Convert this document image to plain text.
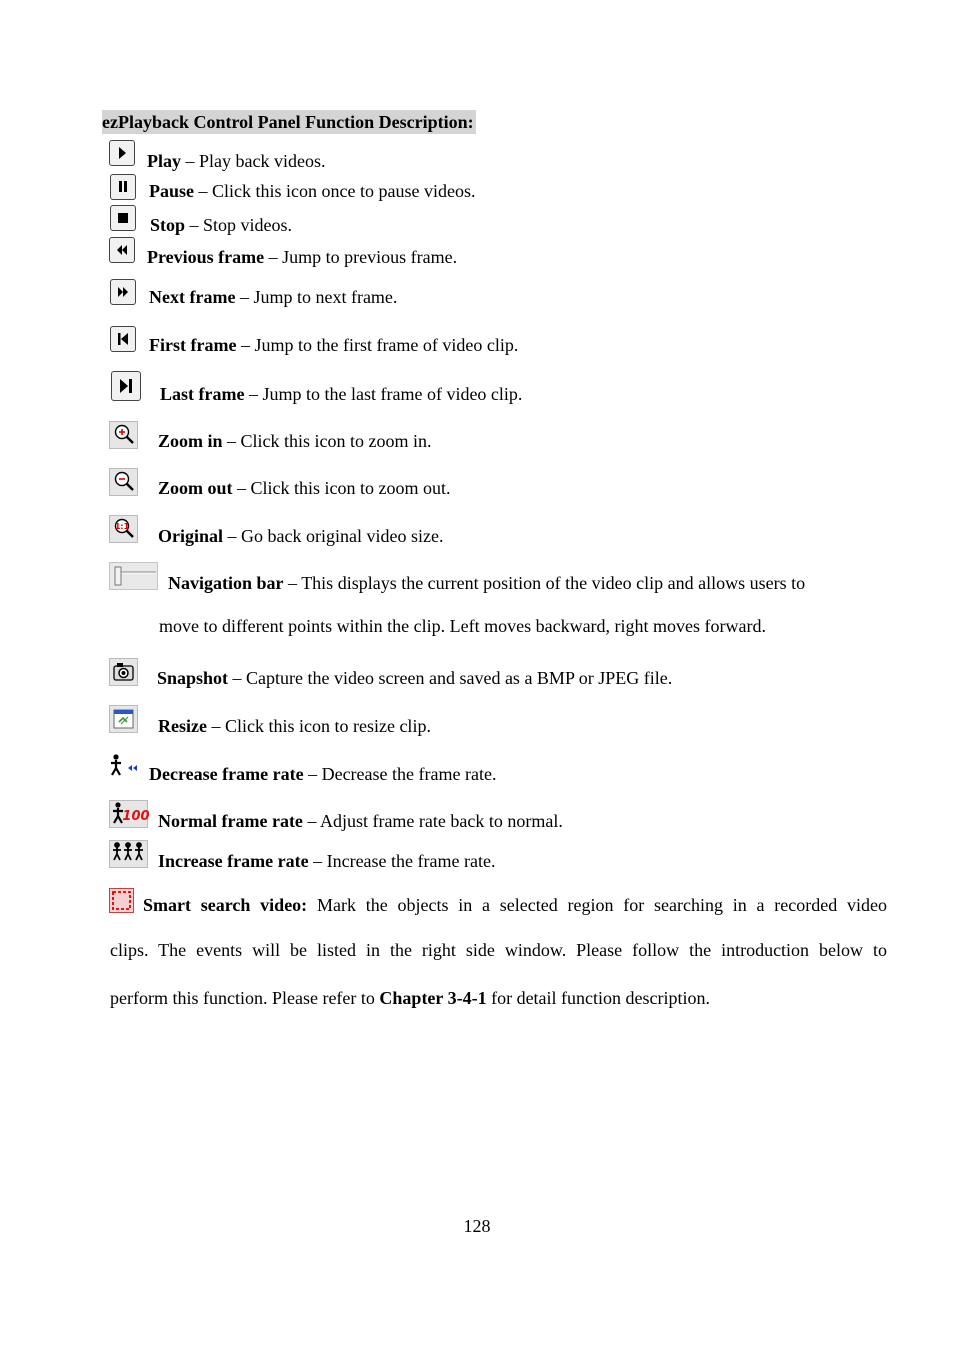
ezPlayback Control Panel Function Description:
Play – Play back videos.
Pause – Click this icon once to pause videos.
Stop – Stop videos.
Previous frame – Jump to previous frame.
Next frame – Jump to next frame.
First frame – Jump to the first frame of video clip.
Last frame – Jump to the last frame of video clip.
Zoom in – Click this icon to zoom in.
Zoom out – Click this icon to zoom out.
1:1 Original – Go back original video size.
Navigation bar – This displays the current position of the video clip and allows users to
move to different points within the clip. Left moves backward, right moves forward.
Snapshot – Capture the video screen and saved as a BMP or JPEG file.
Resize – Click this icon to resize clip.
Decrease frame rate – Decrease the frame rate.
100 Normal frame rate – Adjust frame rate back to normal.
Increase frame rate – Increase the frame rate.
Smart search video: Mark the objects in a selected region for searching in a recorded video
clips. The events will be listed in the right side window. Please follow the introduction below to
perform this function. Please refer to Chapter 3-4-1 for detail function description.
128
